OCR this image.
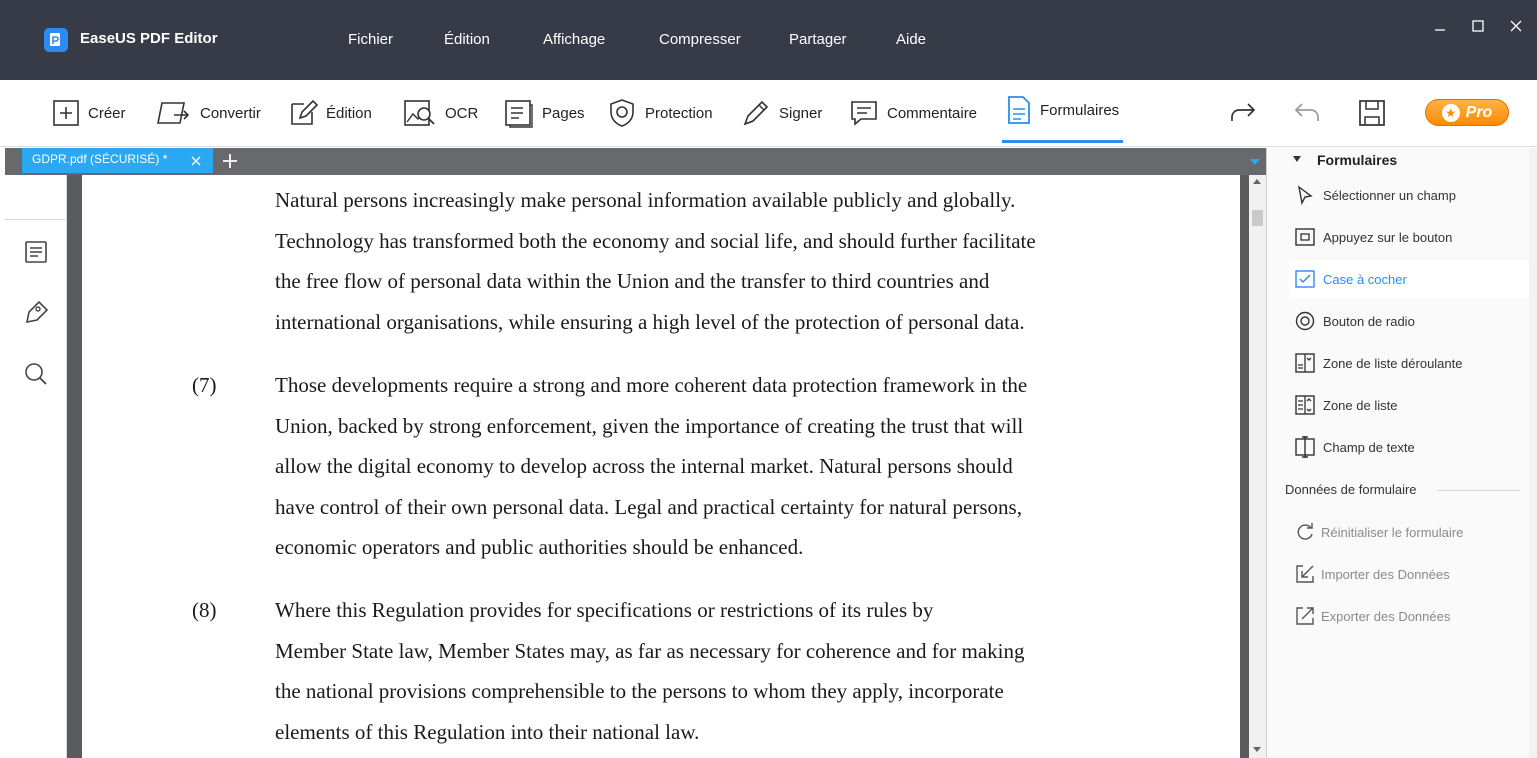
EaseUS PDF Editor	Fichier	Édition	Affichage	Compresser	Partager	Aide
Créer	Convertir	Édition	OCR	Pages	Protection	Signer	Commentaire	Formulaires	★ Pro
GDPR.pdf (SÉCURISÉ) *
Natural persons increasingly make personal information available publicly and globally.
Technology has transformed both the economy and social life, and should further facilitate
the free flow of personal data within the Union and the transfer to third countries and
international organisations, while ensuring a high level of the protection of personal data.
(7)	Those developments require a strong and more coherent data protection framework in the
Union, backed by strong enforcement, given the importance of creating the trust that will
allow the digital economy to develop across the internal market. Natural persons should
have control of their own personal data. Legal and practical certainty for natural persons,
economic operators and public authorities should be enhanced.
(8)	Where this Regulation provides for specifications or restrictions of its rules by
Member State law, Member States may, as far as necessary for coherence and for making
the national provisions comprehensible to the persons to whom they apply, incorporate
elements of this Regulation into their national law.
Formulaires
Sélectionner un champ
Appuyez sur le bouton
Case à cocher
Bouton de radio
Zone de liste déroulante
Zone de liste
Champ de texte
Données de formulaire
Réinitialiser le formulaire
Importer des Données
Exporter des Données
